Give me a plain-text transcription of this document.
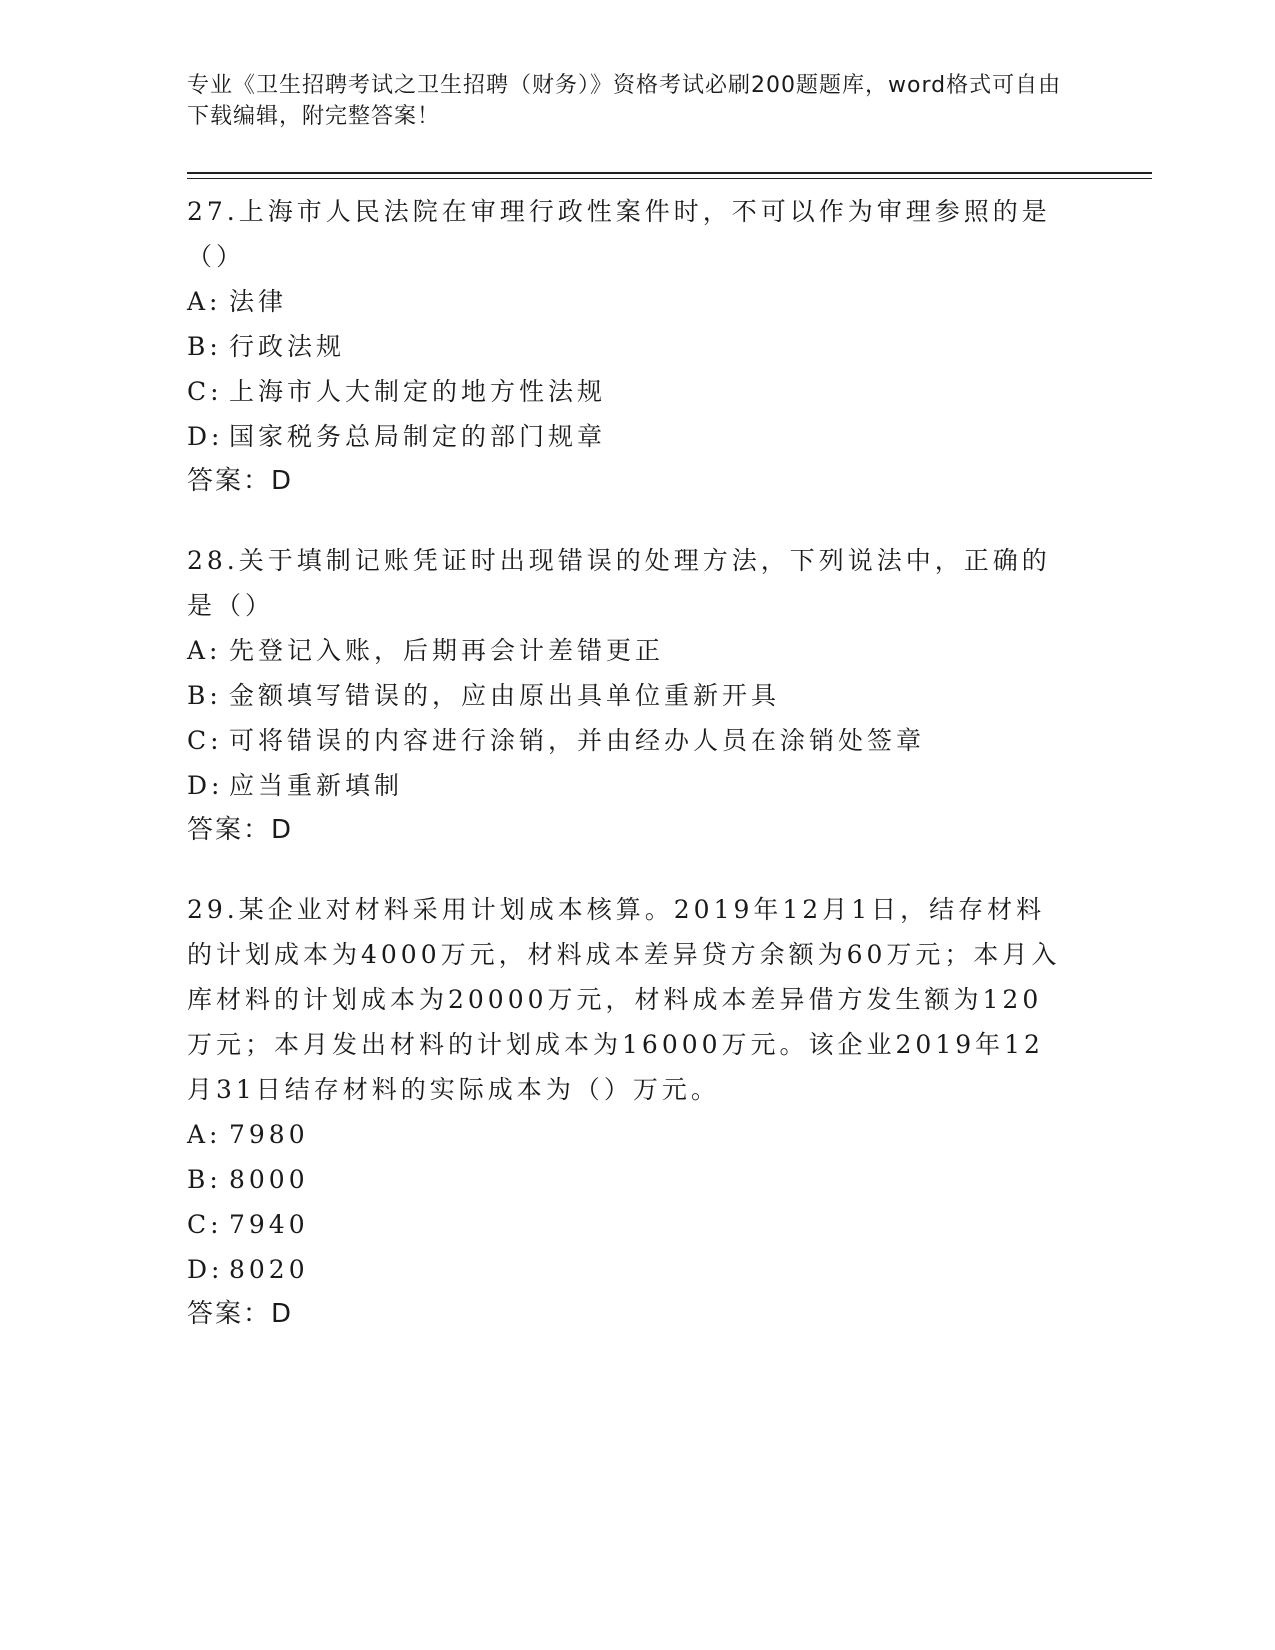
专业《卫生招聘考试之卫生招聘（财务）》资格考试必刷200题题库，word格式可自由下载编辑，附完整答案！

27.上海市人民法院在审理行政性案件时，不可以作为审理参照的是（）

A: 法律
B: 行政法规
C: 上海市人大制定的地方性法规
D: 国家税务总局制定的部门规章
答案：D

28.关于填制记账凭证时出现错误的处理方法，下列说法中，正确的是（）

A: 先登记入账，后期再会计差错更正
B: 金额填写错误的，应由原出具单位重新开具
C: 可将错误的内容进行涂销，并由经办人员在涂销处签章
D: 应当重新填制
答案：D

29.某企业对材料采用计划成本核算。2019年12月1日，结存材料的计划成本为4000万元，材料成本差异贷方余额为60万元；本月入库材料的计划成本为20000万元，材料成本差异借方发生额为120万元；本月发出材料的计划成本为16000万元。该企业2019年12月31日结存材料的实际成本为（）万元。

A: 7980
B: 8000
C: 7940
D: 8020
答案：D
